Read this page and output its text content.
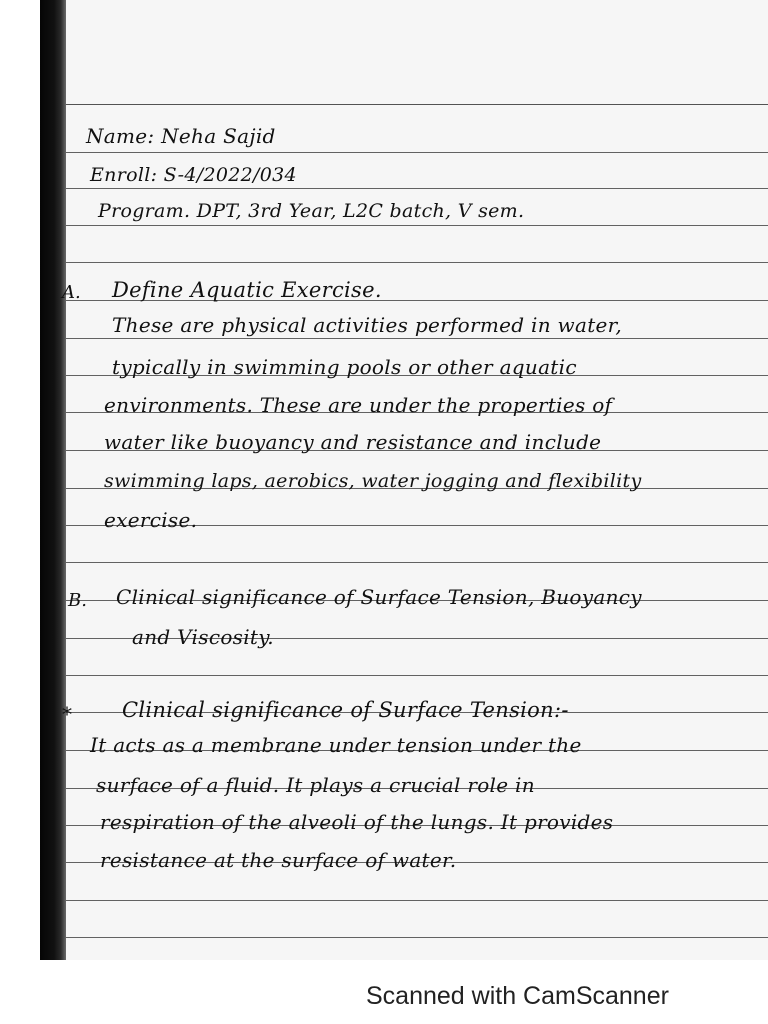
Name: Neha Sajid
Enroll: S-4/2022/034
Program. DPT, 3rd Year, L2C batch, V sem.
A. Define Aquatic Exercise.
These are physical activities performed in water,
typically in swimming pools or other aquatic
environments. These are under the properties of
water like buoyancy and resistance and include
swimming laps, aerobics, water jogging and flexibility
exercise.
B. Clinical significance of Surface Tension, Buoyancy
and Viscosity.
* Clinical significance of Surface Tension:-
It acts as a membrane under tension under the
surface of a fluid. It plays a crucial role in
respiration of the alveoli of the lungs. It provides
resistance at the surface of water.
Scanned with CamScanner
